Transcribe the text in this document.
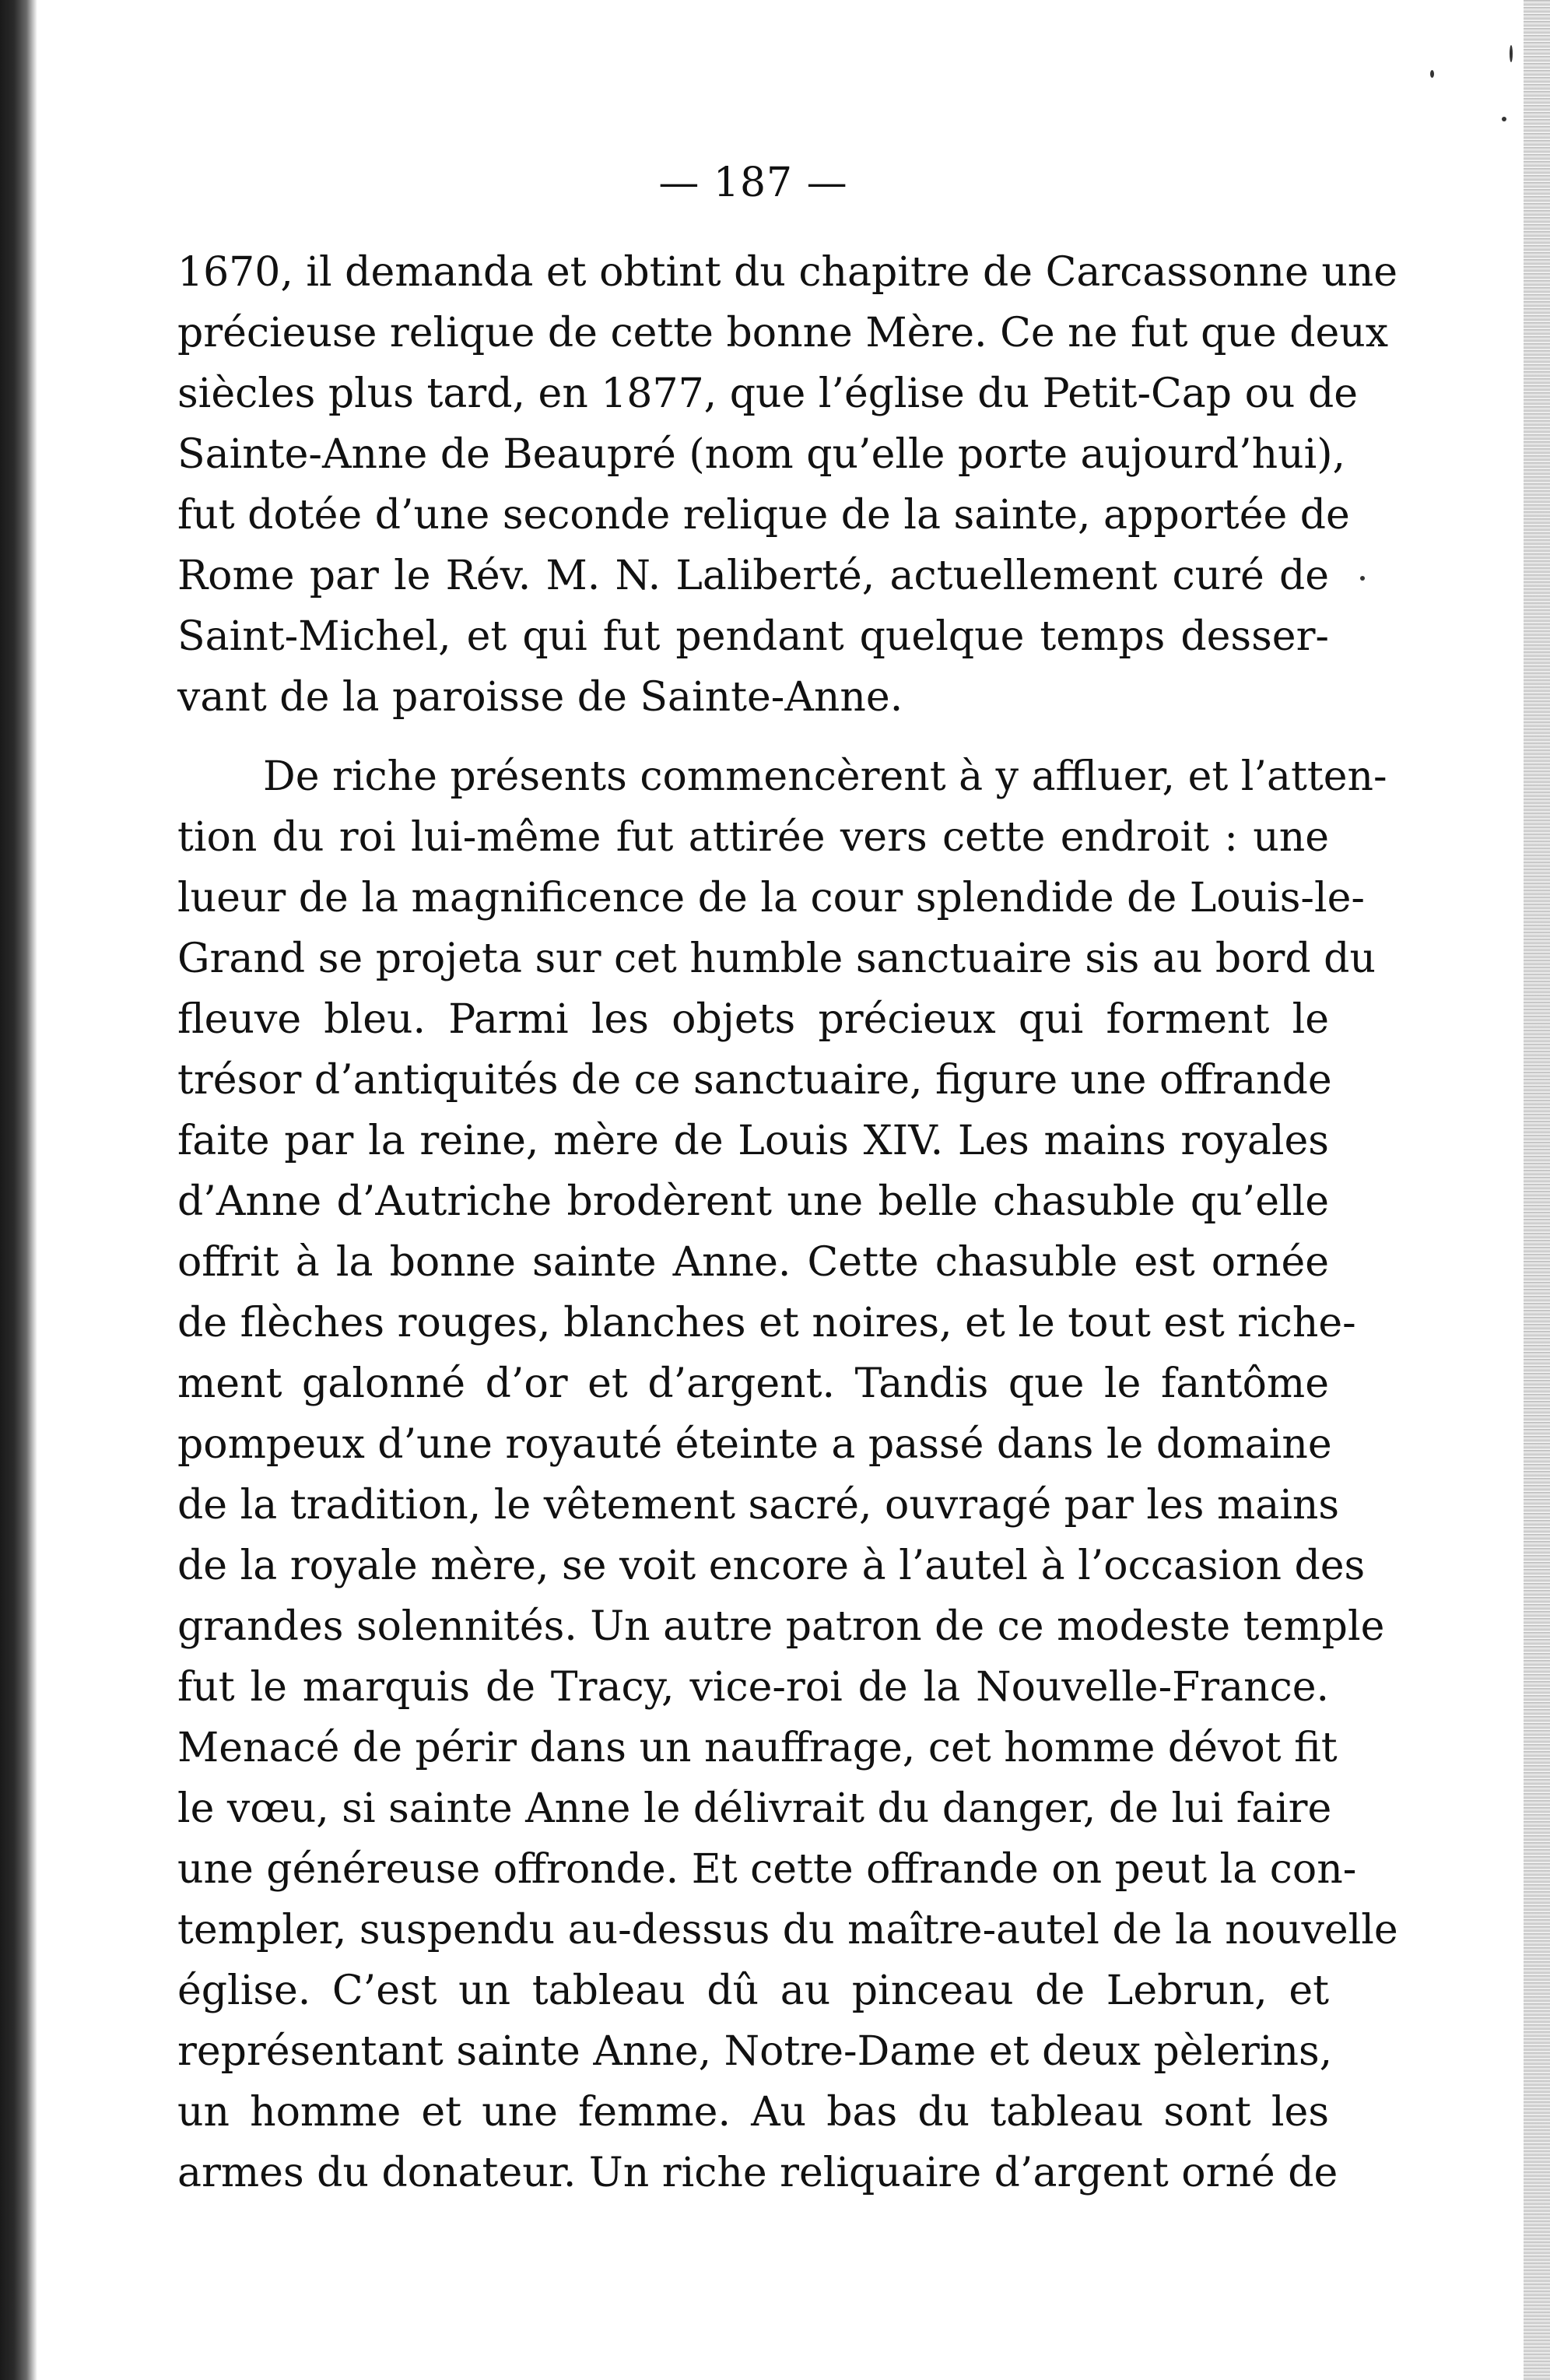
— 187 —
1670, il demanda et obtint du chapitre de Carcassonne une
précieuse relique de cette bonne Mère. Ce ne fut que deux
siècles plus tard, en 1877, que l’église du Petit-Cap ou de
Sainte-Anne de Beaupré (nom qu’elle porte aujourd’hui),
fut dotée d’une seconde relique de la sainte, apportée de
Rome par le Rév. M. N. Laliberté, actuellement curé de
Saint-Michel, et qui fut pendant quelque temps desser-
vant de la paroisse de Sainte-Anne.
De riche présents commencèrent à y affluer, et l’atten-
tion du roi lui-même fut attirée vers cette endroit : une
lueur de la magnificence de la cour splendide de Louis-le-
Grand se projeta sur cet humble sanctuaire sis au bord du
fleuve bleu. Parmi les objets précieux qui forment le
trésor d’antiquités de ce sanctuaire, figure une offrande
faite par la reine, mère de Louis XIV. Les mains royales
d’Anne d’Autriche brodèrent une belle chasuble qu’elle
offrit à la bonne sainte Anne. Cette chasuble est ornée
de flèches rouges, blanches et noires, et le tout est riche-
ment galonné d’or et d’argent. Tandis que le fantôme
pompeux d’une royauté éteinte a passé dans le domaine
de la tradition, le vêtement sacré, ouvragé par les mains
de la royale mère, se voit encore à l’autel à l’occasion des
grandes solennités. Un autre patron de ce modeste temple
fut le marquis de Tracy, vice-roi de la Nouvelle-France.
Menacé de périr dans un nauffrage, cet homme dévot fit
le vœu, si sainte Anne le délivrait du danger, de lui faire
une généreuse offronde. Et cette offrande on peut la con-
templer, suspendu au-dessus du maître-autel de la nouvelle
église. C’est un tableau dû au pinceau de Lebrun, et
représentant sainte Anne, Notre-Dame et deux pèlerins,
un homme et une femme. Au bas du tableau sont les
armes du donateur. Un riche reliquaire d’argent orné de
